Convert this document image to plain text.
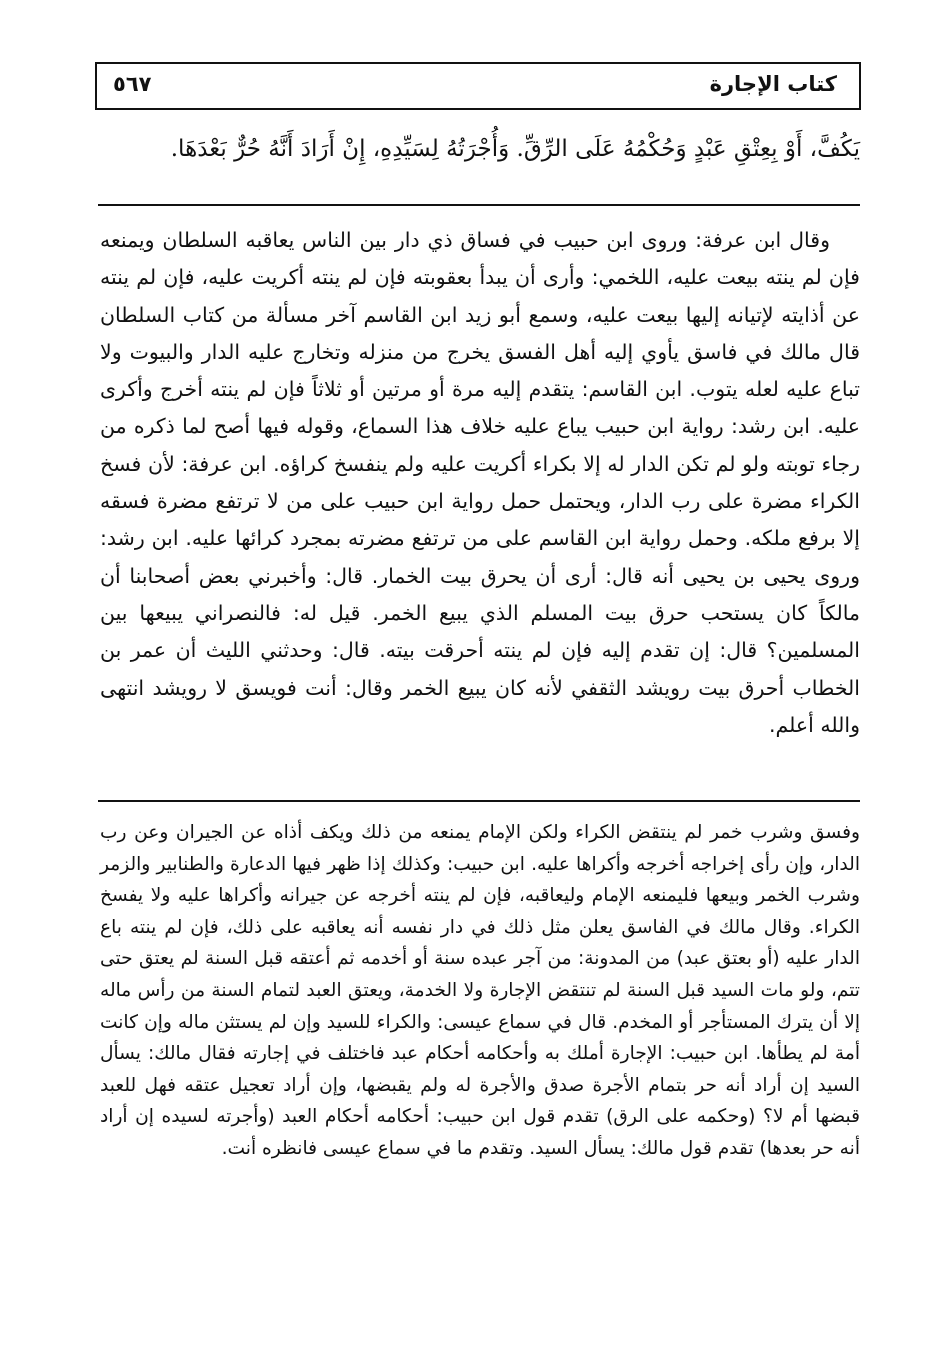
كتاب الإجارة
٥٦٧
يَكُفَّ، أَوْ بِعِتْقِ عَبْدٍ وَحُكْمُهُ عَلَى الرِّقِّ. وَأُجْرَتُهُ لِسَيِّدِهِ، إِنْ أَرَادَ أَنَّهُ حُرٌّ بَعْدَهَا.

وقال ابن عرفة: وروى ابن حبيب في فساق ذي دار بين الناس يعاقبه السلطان ويمنعه فإن لم ينته بيعت عليه، اللخمي: وأرى أن يبدأ بعقوبته فإن لم ينته أكريت عليه، فإن لم ينته عن أذايته لإتيانه إليها بيعت عليه، وسمع أبو زيد ابن القاسم آخر مسألة من كتاب السلطان قال مالك في فاسق يأوي إليه أهل الفسق يخرج من منزله وتخارج عليه الدار والبيوت ولا تباع عليه لعله يتوب. ابن القاسم: يتقدم إليه مرة أو مرتين أو ثلاثاً فإن لم ينته أخرج وأكرى عليه. ابن رشد: رواية ابن حبيب يباع عليه خلاف هذا السماع، وقوله فيها أصح لما ذكره من رجاء توبته ولو لم تكن الدار له إلا بكراء أكريت عليه ولم ينفسخ كراؤه. ابن عرفة: لأن فسخ الكراء مضرة على رب الدار، ويحتمل حمل رواية ابن حبيب على من لا ترتفع مضرة فسقه إلا برفع ملكه. وحمل رواية ابن القاسم على من ترتفع مضرته بمجرد كرائها عليه. ابن رشد: وروى يحيى بن يحيى أنه قال: أرى أن يحرق بيت الخمار. قال: وأخبرني بعض أصحابنا أن مالكاً كان يستحب حرق بيت المسلم الذي يبيع الخمر. قيل له: فالنصراني يبيعها بين المسلمين؟ قال: إن تقدم إليه فإن لم ينته أحرقت بيته. قال: وحدثني الليث أن عمر بن الخطاب أحرق بيت رويشد الثقفي لأنه كان يبيع الخمر وقال: أنت فويسق لا رويشد انتهى والله أعلم.

وفسق وشرب خمر لم ينتقض الكراء ولكن الإمام يمنعه من ذلك ويكف أذاه عن الجيران وعن رب الدار، وإن رأى إخراجه أخرجه وأكراها عليه. ابن حبيب: وكذلك إذا ظهر فيها الدعارة والطنابير والزمر وشرب الخمر وبيعها فليمنعه الإمام وليعاقبه، فإن لم ينته أخرجه عن جيرانه وأكراها عليه ولا يفسخ الكراء. وقال مالك في الفاسق يعلن مثل ذلك في دار نفسه أنه يعاقبه على ذلك، فإن لم ينته باع الدار عليه (أو بعتق عبد) من المدونة: من آجر عبده سنة أو أخدمه ثم أعتقه قبل السنة لم يعتق حتى تتم، ولو مات السيد قبل السنة لم تنتقض الإجارة ولا الخدمة، ويعتق العبد لتمام السنة من رأس ماله إلا أن يترك المستأجر أو المخدم. قال في سماع عيسى: والكراء للسيد وإن لم يستثن ماله وإن كانت أمة لم يطأها. ابن حبيب: الإجارة أملك به وأحكامه أحكام عبد فاختلف في إجارته فقال مالك: يسأل السيد إن أراد أنه حر بتمام الأجرة صدق والأجرة له ولم يقبضها، وإن أراد تعجيل عتقه فهل للعبد قبضها أم لا؟ (وحكمه على الرق) تقدم قول ابن حبيب: أحكامه أحكام العبد (وأجرته لسيده إن أراد أنه حر بعدها) تقدم قول مالك: يسأل السيد. وتقدم ما في سماع عيسى فانظره أنت.
